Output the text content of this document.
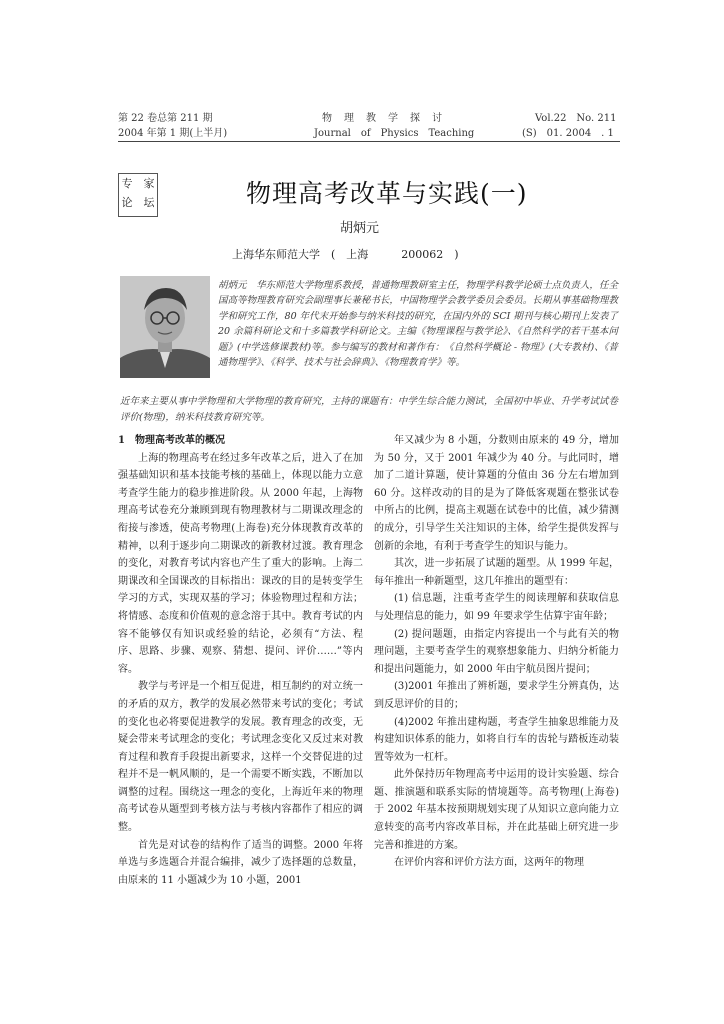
第 22 卷总第 211 期
2004 年第 1 期(上半月)
物　理　教　学　探　讨
Journal　of　Physics　Teaching
Vol.22　No. 211
(S)　01. 2004　. 1
专　家
论　坛	物理高考改革与实践(一)
胡炳元
上海华东师范大学　(　上海　　　200062　)
胡炳元　华东师范大学物理系教授，普通物理教研室主任，物理学科教学论硕士点负责人，任全国高等物理教育研究会副理事长兼秘书长，中国物理学会教学委员会委员。长期从事基础物理教学和研究工作，80 年代末开始参与纳米科技的研究，在国内外的 SCI 期刊与核心期刊上发表了 20 余篇科研论文和十多篇教学科研论文。主编《物理课程与教学论》、《自然科学的若干基本问题》(中学选修课教材)等。参与编写的教材和著作有：《自然科学概论 - 物理》(大专教材)、《普通物理学》、《科学、技术与社会辞典》、《物理教育学》等。
近年来主要从事中学物理和大学物理的教育研究，主持的课题有：中学生综合能力测试，全国初中毕业、升学考试试卷评价(物理)，纳米科技教育研究等。

1　物理高考改革的概况

上海的物理高考在经过多年改革之后，进入了在加强基础知识和基本技能考核的基础上，体现以能力立意考查学生能力的稳步推进阶段。从 2000 年起，上海物理高考试卷充分兼顾到现有物理教材与二期课改理念的衔接与渗透，使高考物理(上海卷)充分体现教育改革的精神，以利于逐步向二期课改的新教材过渡。教育理念的变化，对教育考试内容也产生了重大的影响。上海二期课改和全国课改的目标指出：课改的目的是转变学生学习的方式，实现双基的学习；体验物理过程和方法；将情感、态度和价值观的意念溶于其中。教育考试的内容不能够仅有知识或经验的结论，必须有“方法、程序、思路、步骤、观察、猜想、提问、评价……”等内容。

教学与考评是一个相互促进，相互制约的对立统一的矛盾的双方，教学的发展必然带来考试的变化；考试的变化也必将要促进教学的发展。教育理念的改变，无疑会带来考试理念的变化；考试理念变化又反过来对教育过程和教育手段提出新要求，这样一个交替促进的过程并不是一帆风顺的，是一个需要不断实践，不断加以调整的过程。围绕这一理念的变化，上海近年来的物理高考试卷从题型到考核方法与考核内容都作了相应的调整。

首先是对试卷的结构作了适当的调整。2000 年将单选与多选题合并混合编排，减少了选择题的总数量，由原来的 11 小题减少为 10 小题，2001

年又减少为 8 小题，分数则由原来的 49 分，增加为 50 分，又于 2001 年减少为 40 分。与此同时，增加了二道计算题，使计算题的分值由 36 分左右增加到 60 分。这样改动的目的是为了降低客观题在整张试卷中所占的比例，提高主观题在试卷中的比值，减少猜测的成分，引导学生关注知识的主体，给学生提供发挥与创新的余地，有利于考查学生的知识与能力。

其次，进一步拓展了试题的题型。从 1999 年起，每年推出一种新题型，这几年推出的题型有：

(1) 信息题，注重考查学生的阅读理解和获取信息与处理信息的能力，如 99 年要求学生估算宇宙年龄；

(2) 提问题题，由指定内容提出一个与此有关的物理问题，主要考查学生的观察想象能力、归纳分析能力和提出问题能力，如 2000 年由宇航员图片提问；

(3)2001 年推出了辨析题，要求学生分辨真伪，达到反思评价的目的；

(4)2002 年推出建构题，考查学生抽象思维能力及构建知识体系的能力，如将自行车的齿轮与踏板连动装置等效为一杠杆。

此外保持历年物理高考中运用的设计实验题、综合题、推演题和联系实际的情境题等。高考物理(上海卷)于 2002 年基本按预期规划实现了从知识立意向能力立意转变的高考内容改革目标，并在此基础上研究进一步完善和推进的方案。

在评价内容和评价方法方面，这两年的物理
